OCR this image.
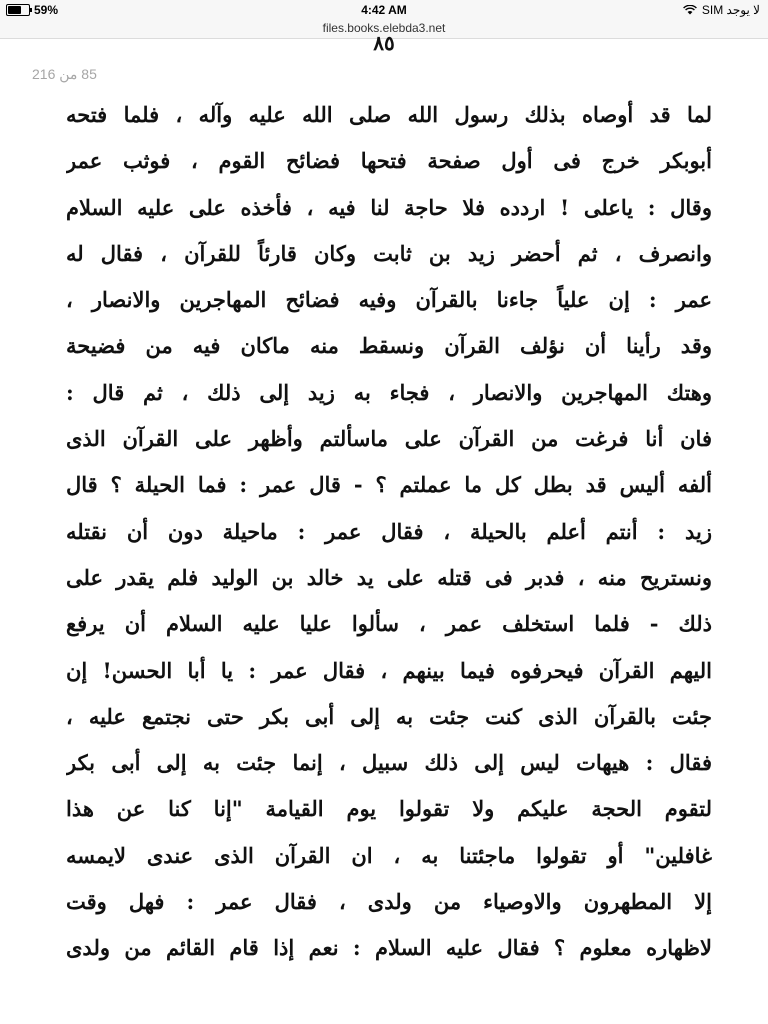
59%	4:42 AM	لا يوجد SIM
files.books.elebda3.net
٨٥
85 من 216
لما قد أوصاه بذلك رسول الله صلى الله عليه وآله ، فلما فتحه
أبوبكر خرج فى أول صفحة فتحها فضائح القوم ، فوثب عمر
وقال : ياعلى ! اردده فلا حاجة لنا فيه ، فأخذه على عليه السلام
وانصرف ، ثم أحضر زيد بن ثابت وكان قارئاً للقرآن ، فقال له
عمر : إن علياً جاءنا بالقرآن وفيه فضائح المهاجرين والانصار ،
وقد رأينا أن نؤلف القرآن ونسقط منه ماكان فيه من فضيحة
وهتك المهاجرين والانصار ، فجاء به زيد إلى ذلك ، ثم قال :
فان أنا فرغت من القرآن على ماسألتم وأظهر على القرآن الذى
ألفه أليس قد بطل كل ما عملتم ؟ - قال عمر : فما الحيلة ؟ قال
زيد : أنتم أعلم بالحيلة ، فقال عمر : ماحيلة دون أن نقتله
ونستريح منه ، فدبر فى قتله على يد خالد بن الوليد فلم يقدر على
ذلك - فلما استخلف عمر ، سألوا عليا عليه السلام أن يرفع
اليهم القرآن فيحرفوه فيما بينهم ، فقال عمر : يا أبا الحسن! إن
جئت بالقرآن الذى كنت جئت به إلى أبى بكر حتى نجتمع عليه ،
فقال : هيهات ليس إلى ذلك سبيل ، إنما جئت به إلى أبى بكر
لتقوم الحجة عليكم ولا تقولوا يوم القيامة "إنا كنا عن هذا
غافلين" أو تقولوا ماجئتنا به ، ان القرآن الذى عندى لايمسه
إلا المطهرون والاوصياء من ولدى ، فقال عمر : فهل وقت
لاظهاره معلوم ؟ فقال عليه السلام : نعم إذا قام القائم من ولدى
